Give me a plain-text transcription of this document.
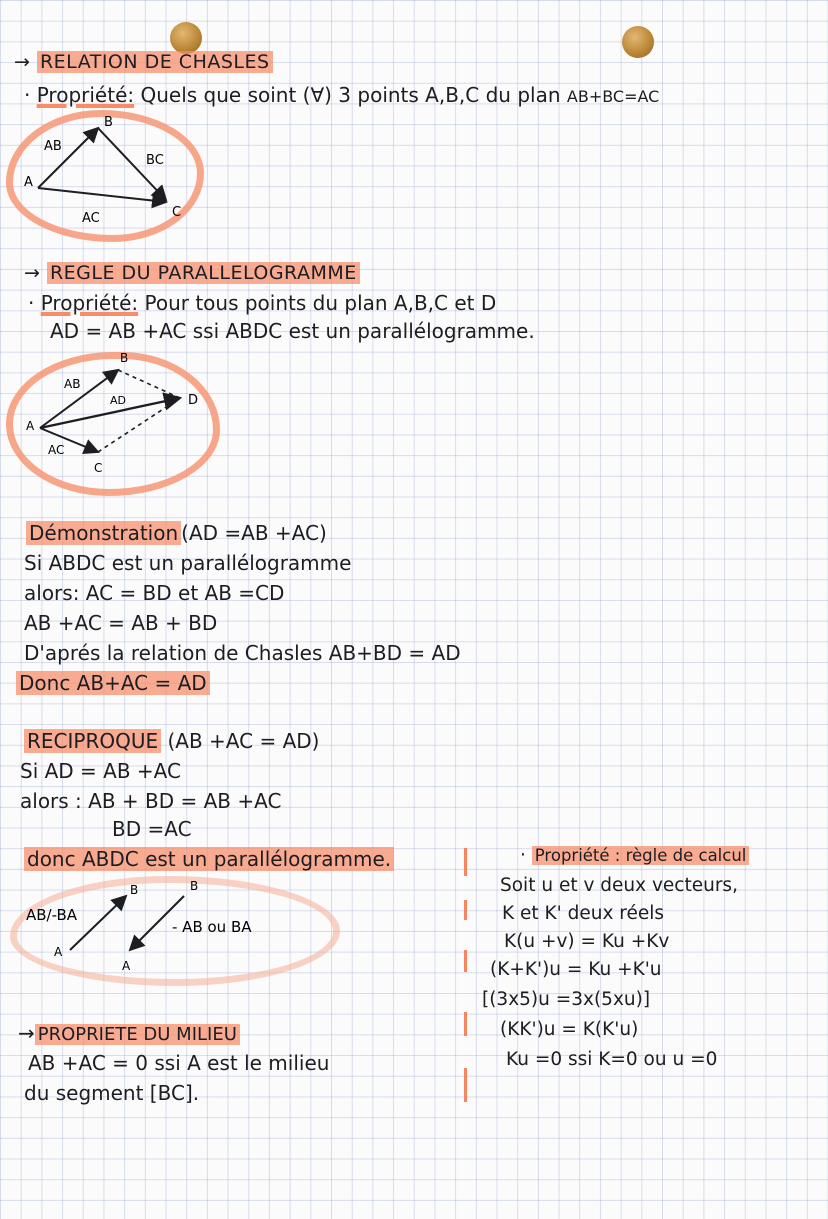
→ RELATION DE CHASLES
· Propriété: Quels que soint (∀) 3 points A,B,C du plan AB+BC=AC
A
B
C
AB
BC
AC
→ REGLE DU PARALLELOGRAMME
· Propriété: Pour tous points du plan A,B,C et D
AD = AB +AC ssi ABDC est un parallélogramme.
A
B
C
D
AB
AD
AC
Démonstration (AD =AB +AC)
Si ABDC est un parallélogramme
alors: AC = BD et AB =CD
AB +AC = AB + BD
D'aprés la relation de Chasles AB+BD = AD
Donc AB+AC = AD
RECIPROQUE (AB +AC = AD)
Si AD = AB +AC
alors : AB + BD = AB +AC
BD =AC
donc ABDC est un parallélogramme.
AB/-BA
A
B	B
A
- AB ou BA
→ PROPRIETE DU MILIEU
AB +AC = 0 ssi A est le milieu
du segment [BC].
· Propriété : règle de calcul
Soit u et v deux vecteurs,
K et K' deux réels
K(u +v) = Ku +Kv
(K+K')u = Ku +K'u
[(3x5)u =3x(5xu)]
(KK')u = K(K'u)
Ku =0 ssi K=0 ou u =0
